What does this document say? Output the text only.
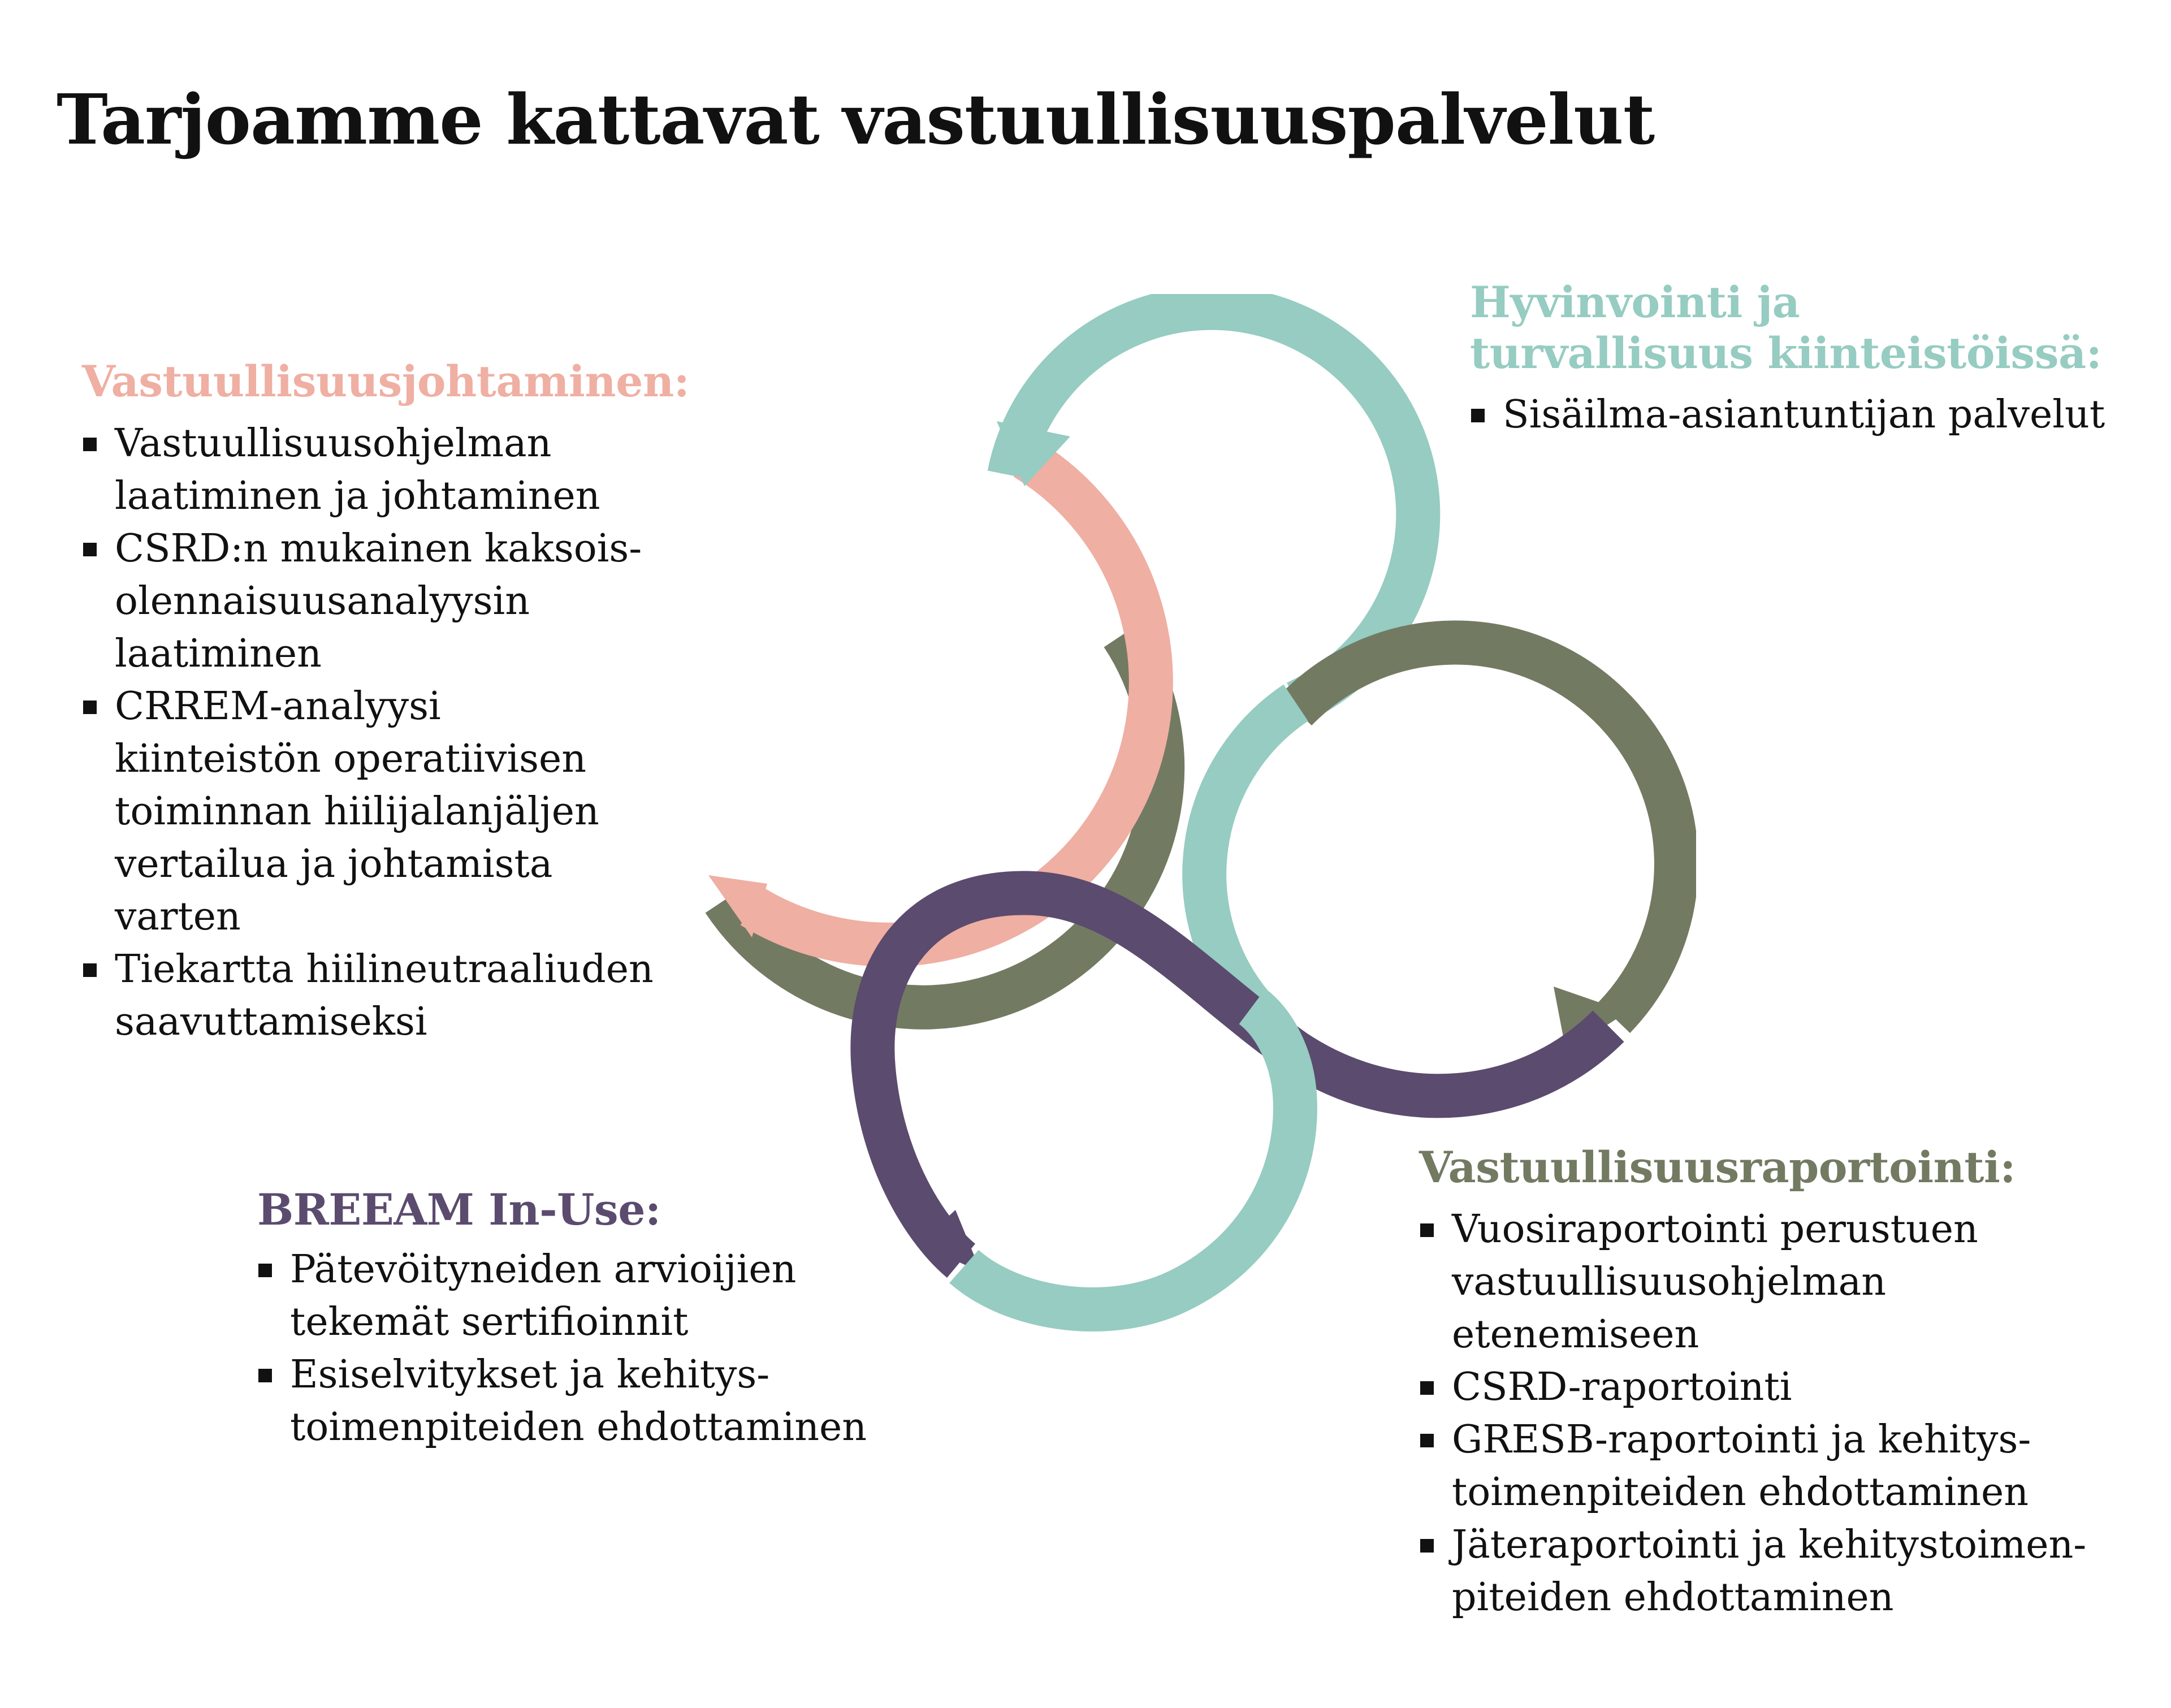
Tarjoamme kattavat vastuullisuuspalvelut
Vastuullisuusjohtaminen:
Vastuullisuusohjelman
laatiminen ja johtaminen
CSRD:n mukainen kaksois-
olennaisuusanalyysin
laatiminen
CRREM-analyysi
kiinteistön operatiivisen
toiminnan hiilijalanjäljen
vertailua ja johtamista
varten
Tiekartta hiilineutraaliuden
saavuttamiseksi
Hyvinvointi ja
turvallisuus kiinteistöissä:
Sisäilma-asiantuntijan palvelut
BREEAM In-Use:
Pätevöityneiden arvioijien
tekemät sertifioinnit
Esiselvitykset ja kehitys-
toimenpiteiden ehdottaminen
Vastuullisuusraportointi:
Vuosiraportointi perustuen
vastuullisuusohjelman
etenemiseen
CSRD-raportointi
GRESB-raportointi ja kehitys-
toimenpiteiden ehdottaminen
Jäteraportointi ja kehitystoimen-
piteiden ehdottaminen
